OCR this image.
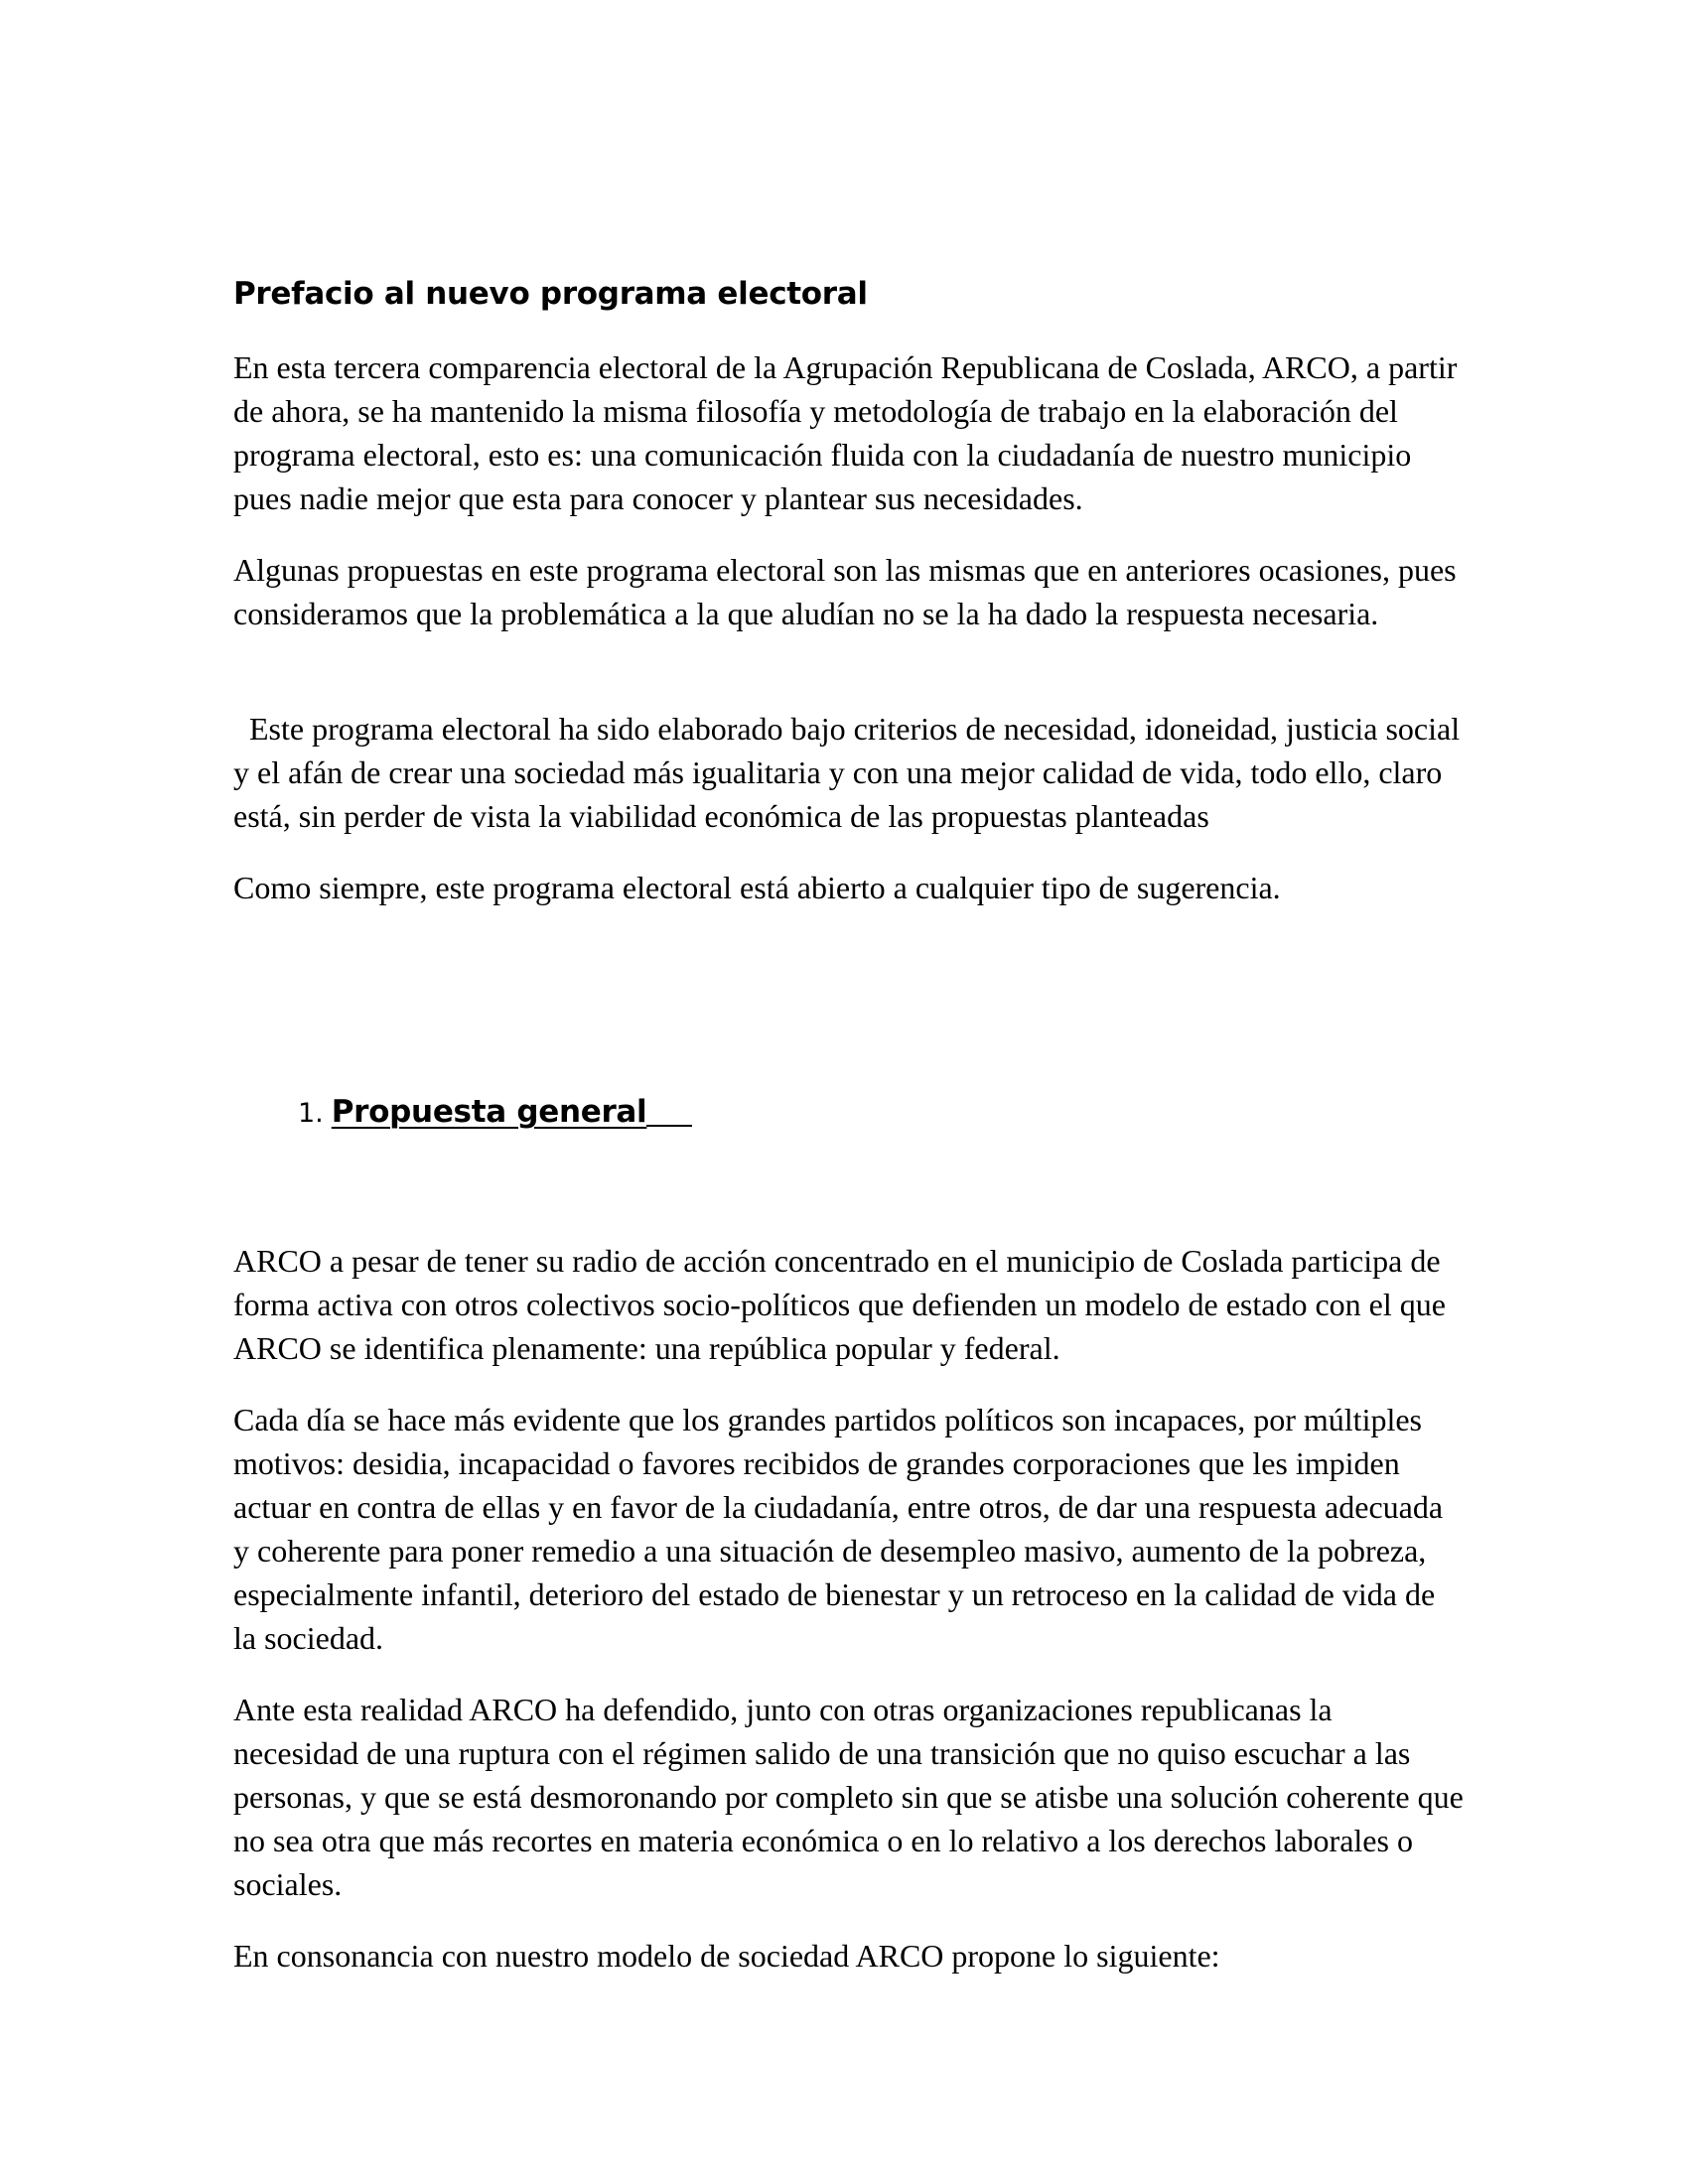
Prefacio al nuevo programa electoral

En esta tercera comparencia electoral de la Agrupación Republicana de Coslada, ARCO, a partir de ahora, se ha mantenido la misma filosofía y metodología de trabajo en la elaboración del programa electoral, esto es: una comunicación fluida con la ciudadanía de nuestro municipio pues nadie mejor que esta para conocer y plantear sus necesidades.

Algunas propuestas en este programa electoral son las mismas que en anteriores ocasiones, pues consideramos que la problemática a la que aludían no se la ha dado la respuesta necesaria.

Este programa electoral ha sido elaborado bajo criterios de necesidad, idoneidad, justicia social y el afán de crear una sociedad más igualitaria y con una mejor calidad de vida, todo ello, claro está, sin perder de vista la viabilidad económica de las propuestas planteadas

Como siempre, este programa electoral está abierto a cualquier tipo de sugerencia.

1. Propuesta general

ARCO a pesar de tener su radio de acción concentrado en el municipio de Coslada participa de forma activa con otros colectivos socio-políticos que defienden un modelo de estado con el que ARCO se identifica plenamente: una república popular y federal.

Cada día se hace más evidente que los grandes partidos políticos son incapaces, por múltiples motivos: desidia, incapacidad o favores recibidos de grandes corporaciones que les impiden actuar en contra de ellas y en favor de la ciudadanía, entre otros, de dar una respuesta adecuada y coherente para poner remedio a una situación de desempleo masivo, aumento de la pobreza, especialmente infantil, deterioro del estado de bienestar y un retroceso en la calidad de vida de la sociedad.

Ante esta realidad ARCO ha defendido, junto con otras organizaciones republicanas la necesidad de una ruptura con el régimen salido de una transición que no quiso escuchar a las personas, y que se está desmoronando por completo sin que se atisbe una solución coherente que no sea otra que más recortes en materia económica o en lo relativo a los derechos laborales o sociales.

En consonancia con nuestro modelo de sociedad ARCO propone lo siguiente:
